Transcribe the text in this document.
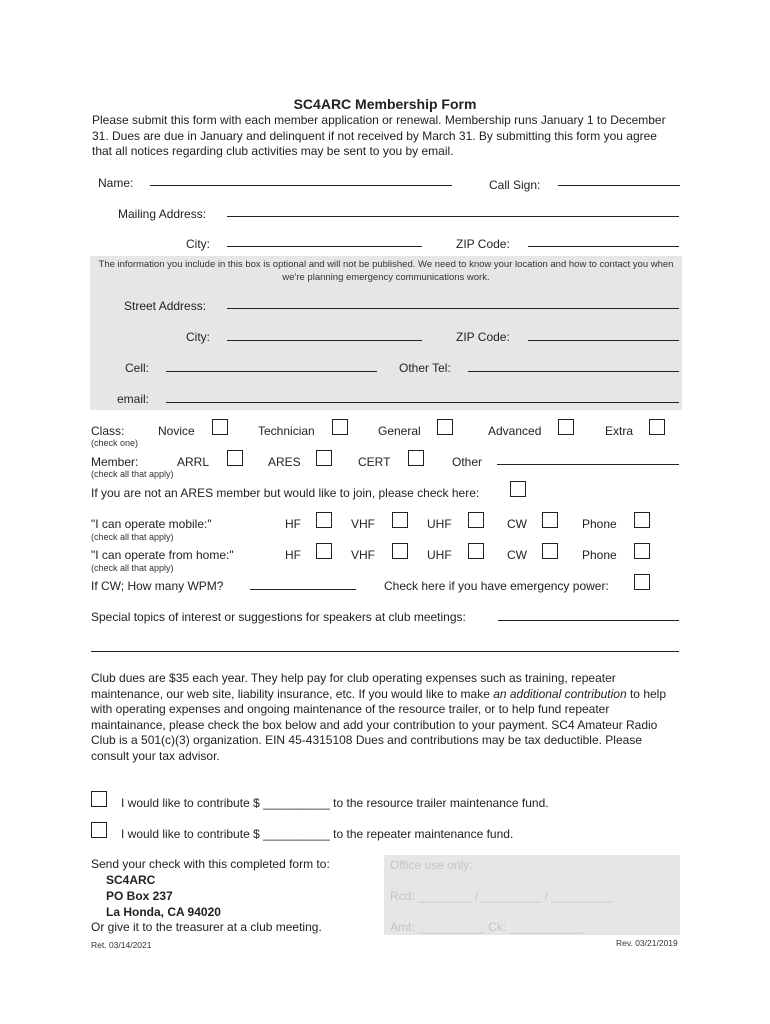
SC4ARC Membership Form
Please submit this form with each member application or renewal. Membership runs January 1 to December 31. Dues are due in January and delinquent if not received by March 31. By submitting this form you agree that all notices regarding club activities may be sent to you by email.
Name:	Call Sign:
Mailing Address:
City:	ZIP Code:
The information you include in this box is optional and will not be published. We need to know your location and how to contact you when we're planning emergency communications work.
Street Address:
City:	ZIP Code:
Cell:	Other Tel:
email:
Class:
(check one)
Novice	Technician	General	Advanced	Extra
Member:
(check all that apply)
ARRL	ARES	CERT	Other
If you are not an ARES member but would like to join, please check here:
"I can operate mobile:"
(check all that apply)
HF	VHF	UHF	CW	Phone
"I can operate from home:"
(check all that apply)
HF	VHF	UHF	CW	Phone
If CW; How many WPM?	Check here if you have emergency power:
Special topics of interest or suggestions for speakers at club meetings:
Club dues are $35 each year. They help pay for club operating expenses such as training, repeater maintenance, our web site, liability insurance, etc. If you would like to make an additional contribution to help with operating expenses and ongoing maintenance of the resource trailer, or to help fund repeater maintainance, please check the box below and add your contribution to your payment. SC4 Amateur Radio Club is a 501(c)(3) organization. EIN 45-4315108 Dues and contributions may be tax deductible. Please consult your tax advisor.
I would like to contribute $ __________ to the resource trailer maintenance fund.
I would like to contribute $ __________ to the repeater maintenance fund.
Send your check with this completed form to:
SC4ARC
PO Box 237
La Honda, CA 94020
Or give it to the treasurer at a club meeting.
Office use only:
Rcd: ________ / _________ / _________
Amt: __________ Ck: ___________
Ret. 03/14/2021	Rev. 03/21/2019
